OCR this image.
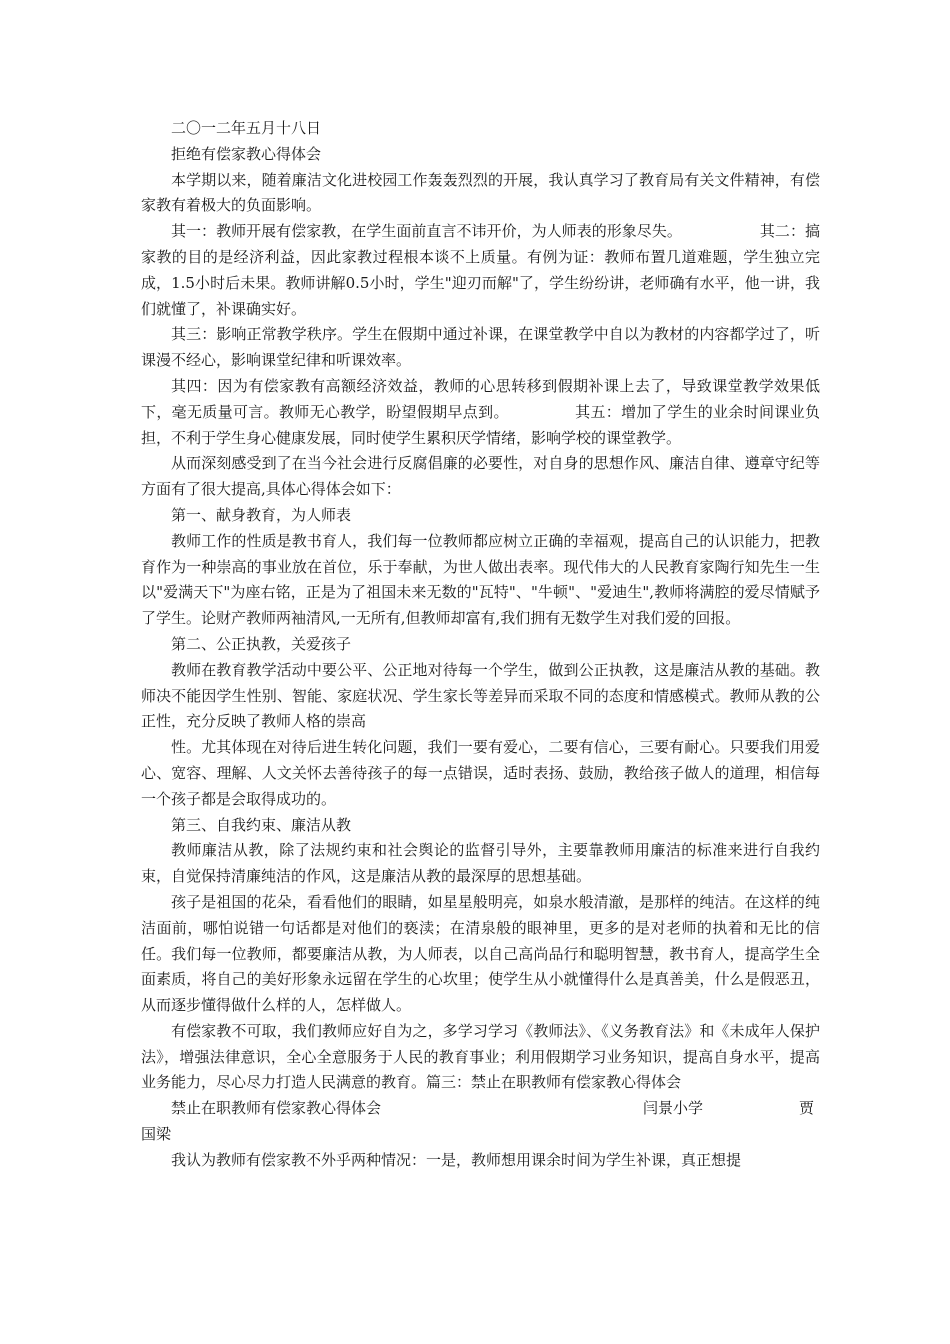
二〇一二年五月十八日

拒绝有偿家教心得体会

本学期以来，随着廉洁文化进校园工作轰轰烈烈的开展，我认真学习了教育局有关文件精神，有偿家教有着极大的负面影响。

其一：教师开展有偿家教，在学生面前直言不讳开价，为人师表的形象尽失。	其二：搞家教的目的是经济利益，因此家教过程根本谈不上质量。有例为证：教师布置几道难题，学生独立完成，1.5小时后未果。教师讲解0.5小时，学生"迎刃而解"了，学生纷纷讲，老师确有水平，他一讲，我们就懂了，补课确实好。

其三：影响正常教学秩序。学生在假期中通过补课，在课堂教学中自以为教材的内容都学过了，听课漫不经心，影响课堂纪律和听课效率。

其四：因为有偿家教有高额经济效益，教师的心思转移到假期补课上去了，导致课堂教学效果低下，毫无质量可言。教师无心教学，盼望假期早点到。	其五：增加了学生的业余时间课业负担，不利于学生身心健康发展，同时使学生累积厌学情绪，影响学校的课堂教学。

从而深刻感受到了在当今社会进行反腐倡廉的必要性，对自身的思想作风、廉洁自律、遵章守纪等方面有了很大提高,具体心得体会如下：

第一、献身教育，为人师表

教师工作的性质是教书育人，我们每一位教师都应树立正确的幸福观，提高自己的认识能力，把教育作为一种崇高的事业放在首位，乐于奉献，为世人做出表率。现代伟大的人民教育家陶行知先生一生以"爱满天下"为座右铭，正是为了祖国未来无数的"瓦特"、"牛顿"、"爱迪生",教师将满腔的爱尽情赋予了学生。论财产教师两袖清风,一无所有,但教师却富有,我们拥有无数学生对我们爱的回报。

第二、公正执教，关爱孩子

教师在教育教学活动中要公平、公正地对待每一个学生，做到公正执教，这是廉洁从教的基础。教师决不能因学生性别、智能、家庭状况、学生家长等差异而采取不同的态度和情感模式。教师从教的公正性，充分反映了教师人格的崇高

性。尤其体现在对待后进生转化问题，我们一要有爱心，二要有信心，三要有耐心。只要我们用爱心、宽容、理解、人文关怀去善待孩子的每一点错误，适时表扬、鼓励，教给孩子做人的道理，相信每一个孩子都是会取得成功的。

第三、自我约束、廉洁从教

教师廉洁从教，除了法规约束和社会舆论的监督引导外，主要靠教师用廉洁的标准来进行自我约束，自觉保持清廉纯洁的作风，这是廉洁从教的最深厚的思想基础。

孩子是祖国的花朵，看看他们的眼睛，如星星般明亮，如泉水般清澈，是那样的纯洁。在这样的纯洁面前，哪怕说错一句话都是对他们的亵渎；在清泉般的眼神里，更多的是对老师的执着和无比的信任。我们每一位教师，都要廉洁从教，为人师表，以自己高尚品行和聪明智慧，教书育人，提高学生全面素质，将自己的美好形象永远留在学生的心坎里；使学生从小就懂得什么是真善美，什么是假恶丑，从而逐步懂得做什么样的人，怎样做人。

有偿家教不可取，我们教师应好自为之，多学习学习《教师法》、《义务教育法》和《未成年人保护法》，增强法律意识，全心全意服务于人民的教育事业；利用假期学习业务知识，提高自身水平，提高业务能力，尽心尽力打造人民满意的教育。篇三：禁止在职教师有偿家教心得体会

禁止在职教师有偿家教心得体会	闫景小学	贾

国梁

我认为教师有偿家教不外乎两种情况：一是，教师想用课余时间为学生补课，真正想提
